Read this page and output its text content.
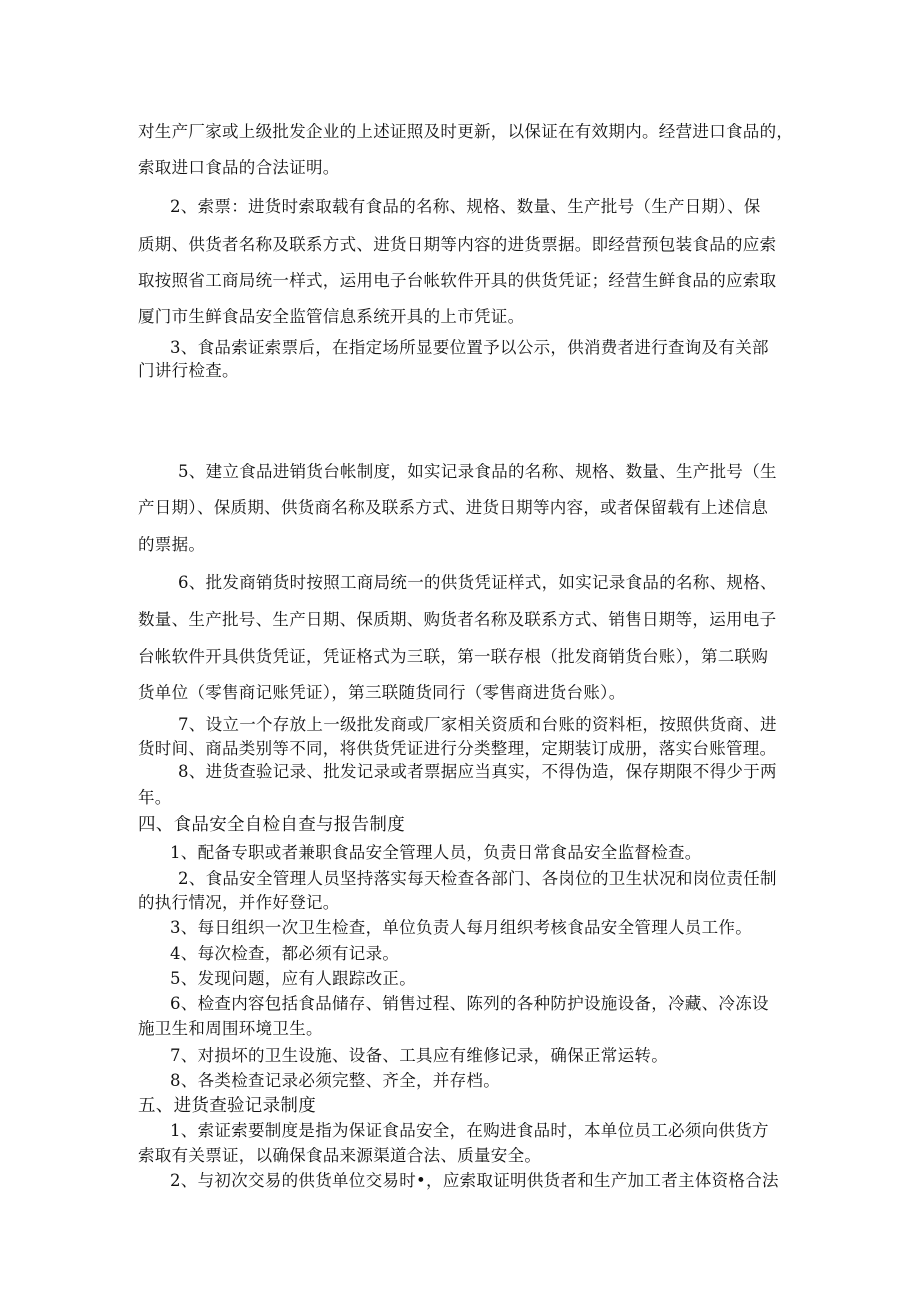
对生产厂家或上级批发企业的上述证照及时更新，以保证在有效期内。经营进口食品的，
索取进口食品的合法证明。
2、索票：进货时索取载有食品的名称、规格、数量、生产批号（生产日期）、保
质期、供货者名称及联系方式、进货日期等内容的进货票据。即经营预包装食品的应索
取按照省工商局统一样式，运用电子台帐软件开具的供货凭证；经营生鲜食品的应索取
厦门市生鲜食品安全监管信息系统开具的上市凭证。
3、食品索证索票后，在指定场所显要位置予以公示，供消费者进行查询及有关部
门讲行检查。
5、建立食品进销货台帐制度，如实记录食品的名称、规格、数量、生产批号（生
产日期）、保质期、供货商名称及联系方式、进货日期等内容，或者保留载有上述信息
的票据。
6、批发商销货时按照工商局统一的供货凭证样式，如实记录食品的名称、规格、
数量、生产批号、生产日期、保质期、购货者名称及联系方式、销售日期等，运用电子
台帐软件开具供货凭证，凭证格式为三联，第一联存根（批发商销货台账），第二联购
货单位（零售商记账凭证），第三联随货同行（零售商进货台账）。
7、设立一个存放上一级批发商或厂家相关资质和台账的资料柜，按照供货商、进
货时间、商品类别等不同，将供货凭证进行分类整理，定期装订成册，落实台账管理。
8、进货查验记录、批发记录或者票据应当真实，不得伪造，保存期限不得少于两
年。
四、食品安全自检自查与报告制度
1、配备专职或者兼职食品安全管理人员，负责日常食品安全监督检查。
2、食品安全管理人员坚持落实每天检查各部门、各岗位的卫生状况和岗位责任制
的执行情况，并作好登记。
3、每日组织一次卫生检查，单位负责人每月组织考核食品安全管理人员工作。
4、每次检查，都必须有记录。
5、发现问题，应有人跟踪改正。
6、检查内容包括食品储存、销售过程、陈列的各种防护设施设备，冷藏、冷冻设
施卫生和周围环境卫生。
7、对损坏的卫生设施、设备、工具应有维修记录，确保正常运转。
8、各类检查记录必须完整、齐全，并存档。
五、进货查验记录制度
1、索证索要制度是指为保证食品安全，在购进食品时，本单位员工必须向供货方
索取有关票证，以确保食品来源渠道合法、质量安全。
2、与初次交易的供货单位交易时•，应索取证明供货者和生产加工者主体资格合法
